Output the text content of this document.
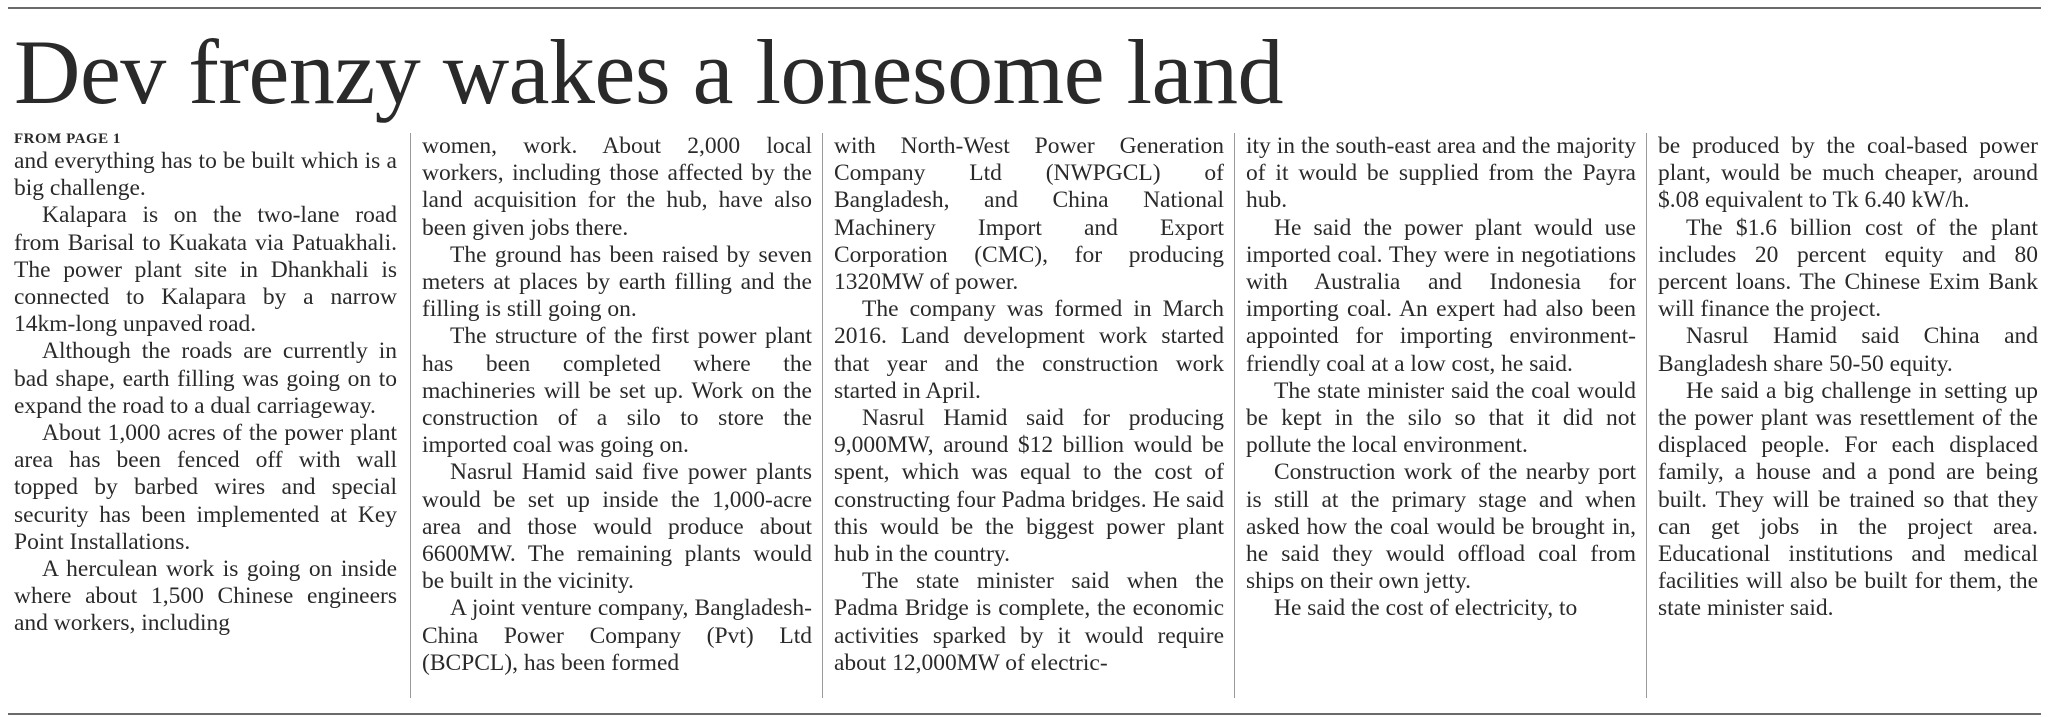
Dev frenzy wakes a lonesome land
FROM PAGE 1

and everything has to be built which is a big challenge.

Kalapara is on the two-lane road from Barisal to Kuakata via Patuakhali. The power plant site in Dhankhali is connected to Kalapara by a narrow 14km-long unpaved road.

Although the roads are currently in bad shape, earth filling was going on to expand the road to a dual carriageway.

About 1,000 acres of the power plant area has been fenced off with wall topped by barbed wires and special security has been implemented at Key Point Installations.

A herculean work is going on inside where about 1,500 Chinese engineers and workers, including

women, work. About 2,000 local workers, including those affected by the land acquisition for the hub, have also been given jobs there.

The ground has been raised by seven meters at places by earth filling and the filling is still going on.

The structure of the first power plant has been completed where the machineries will be set up. Work on the construction of a silo to store the imported coal was going on.

Nasrul Hamid said five power plants would be set up inside the 1,000-acre area and those would produce about 6600MW. The remaining plants would be built in the vicinity.

A joint venture company, Bangladesh-China Power Company (Pvt) Ltd (BCPCL), has been formed

with North-West Power Generation Company Ltd (NWPGCL) of Bangladesh, and China National Machinery Import and Export Corporation (CMC), for producing 1320MW of power.

The company was formed in March 2016. Land development work started that year and the construction work started in April.

Nasrul Hamid said for producing 9,000MW, around $12 billion would be spent, which was equal to the cost of constructing four Padma bridges. He said this would be the biggest power plant hub in the country.

The state minister said when the Padma Bridge is complete, the economic activities sparked by it would require about 12,000MW of electric-

ity in the south-east area and the majority of it would be supplied from the Payra hub.

He said the power plant would use imported coal. They were in negotiations with Australia and Indonesia for importing coal. An expert had also been appointed for importing environment-friendly coal at a low cost, he said.

The state minister said the coal would be kept in the silo so that it did not pollute the local environment.

Construction work of the nearby port is still at the primary stage and when asked how the coal would be brought in, he said they would offload coal from ships on their own jetty.

He said the cost of electricity, to

be produced by the coal-based power plant, would be much cheaper, around $.08 equivalent to Tk 6.40 kW/h.

The $1.6 billion cost of the plant includes 20 percent equity and 80 percent loans. The Chinese Exim Bank will finance the project.

Nasrul Hamid said China and Bangladesh share 50-50 equity.

He said a big challenge in setting up the power plant was resettlement of the displaced people. For each displaced family, a house and a pond are being built. They will be trained so that they can get jobs in the project area. Educational institutions and medical facilities will also be built for them, the state minister said.
